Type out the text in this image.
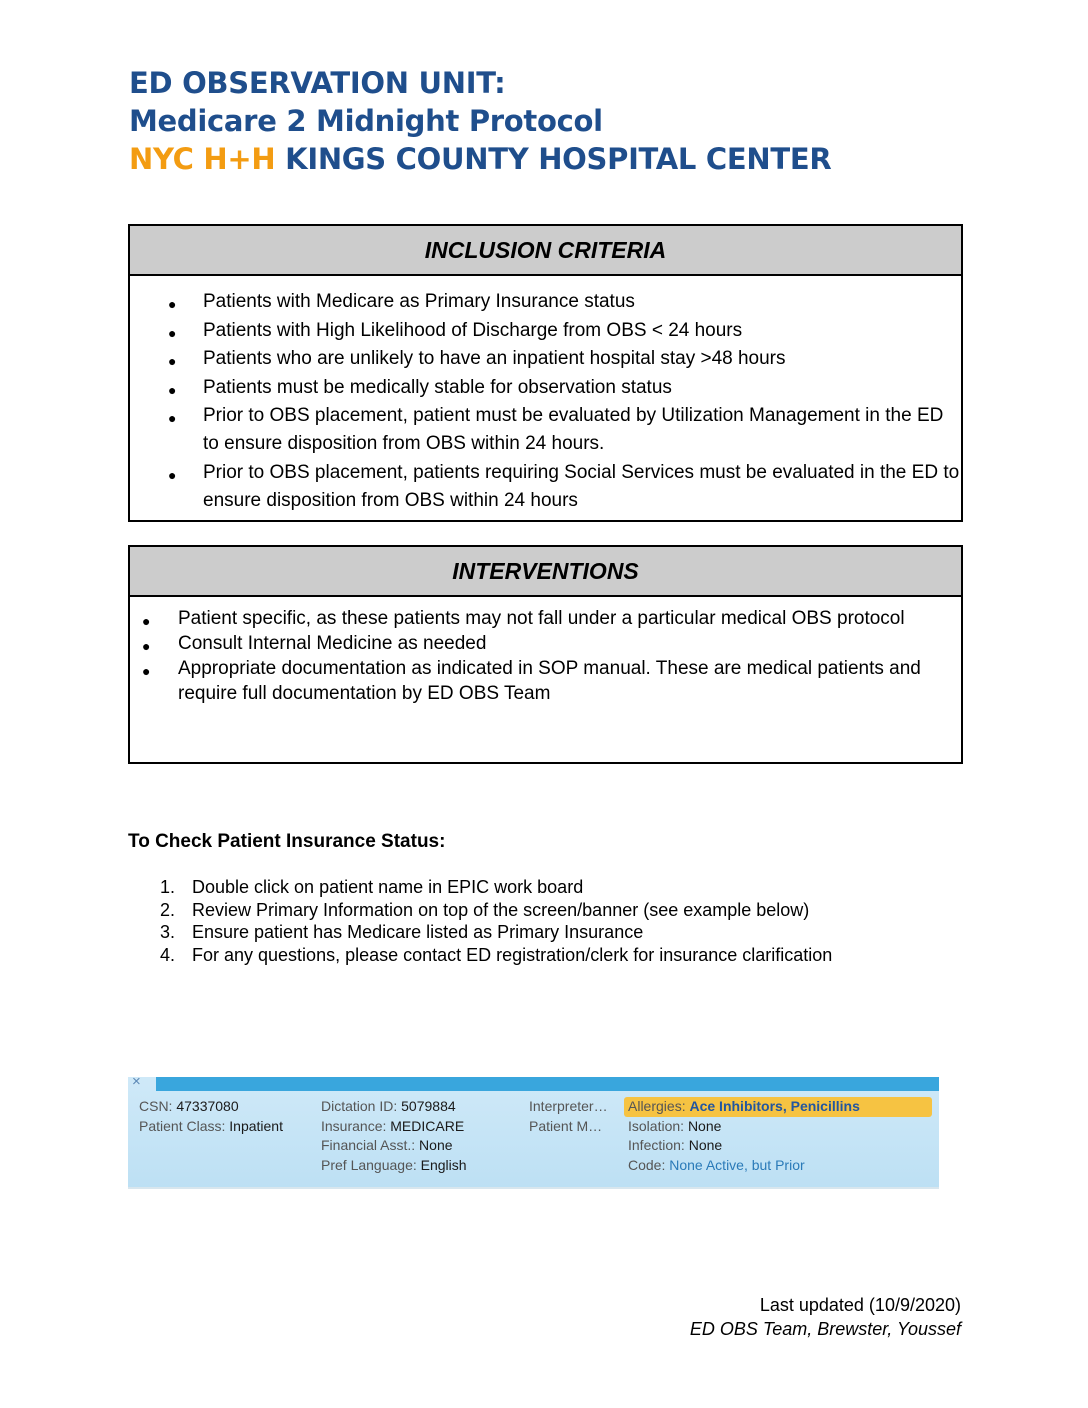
ED OBSERVATION UNIT:
Medicare 2 Midnight Protocol
NYC H+H KINGS COUNTY HOSPITAL CENTER
INCLUSION CRITERIA
● Patients with Medicare as Primary Insurance status
● Patients with High Likelihood of Discharge from OBS < 24 hours
● Patients who are unlikely to have an inpatient hospital stay >48 hours
● Patients must be medically stable for observation status
● Prior to OBS placement, patient must be evaluated by Utilization Management in the ED to ensure disposition from OBS within 24 hours.
● Prior to OBS placement, patients requiring Social Services must be evaluated in the ED to ensure disposition from OBS within 24 hours
INTERVENTIONS
● Patient specific, as these patients may not fall under a particular medical OBS protocol
● Consult Internal Medicine as needed
● Appropriate documentation as indicated in SOP manual. These are medical patients and require full documentation by ED OBS Team
To Check Patient Insurance Status:
1. Double click on patient name in EPIC work board
2. Review Primary Information on top of the screen/banner (see example below)
3. Ensure patient has Medicare listed as Primary Insurance
4. For any questions, please contact ED registration/clerk for insurance clarification
×
CSN: 47337080
Patient Class: Inpatient
Dictation ID: 5079884
Insurance: MEDICARE
Financial Asst.: None
Pref Language: English
Interpreter…
Patient M…
Allergies: Ace Inhibitors, Penicillins
Isolation: None
Infection: None
Code: None Active, but Prior
Last updated (10/9/2020)
ED OBS Team, Brewster, Youssef
